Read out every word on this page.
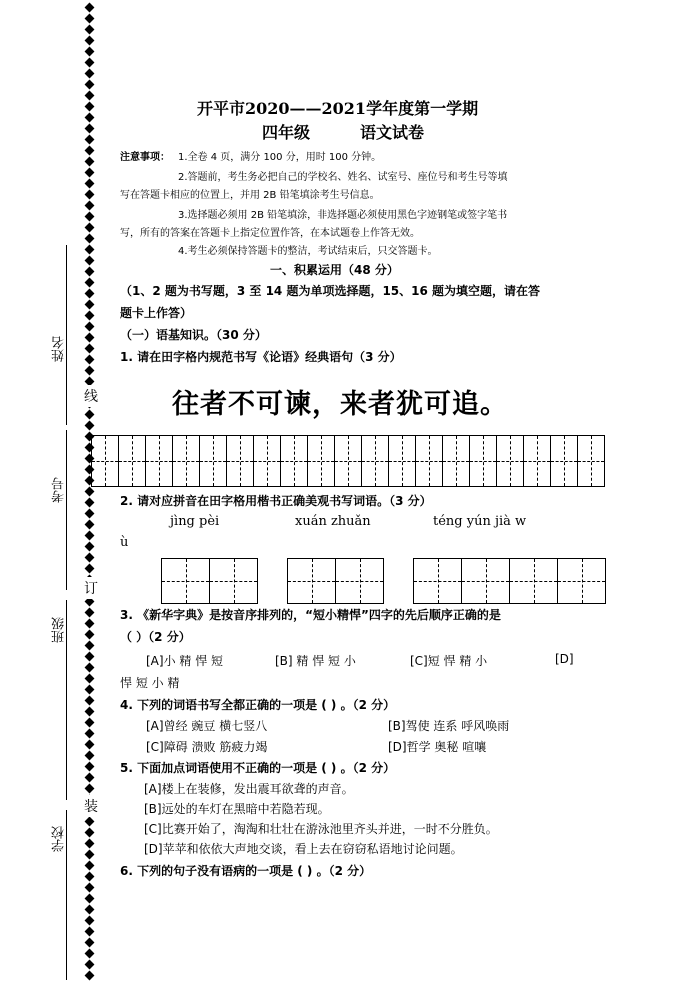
姓名
考号
班级
学校
线
订
装
开平市2020——2021学年度第一学期
四年级	语文试卷
注意事项： 1.全卷 4 页，满分 100 分，用时 100 分钟。
2.答题前，考生务必把自己的学校名、姓名、试室号、座位号和考生号等填
写在答题卡相应的位置上，并用 2B 铅笔填涂考生号信息。
3.选择题必须用 2B 铅笔填涂，非选择题必须使用黑色字迹钢笔或签字笔书
写，所有的答案在答题卡上指定位置作答，在本试题卷上作答无效。
4.考生必须保持答题卡的整洁，考试结束后，只交答题卡。
一、积累运用（48 分）
（1、2 题为书写题，3 至 14 题为单项选择题，15、16 题为填空题，请在答
题卡上作答）
（一）语基知识。（30 分）
1. 请在田字格内规范书写《论语》经典语句（3 分）
往者不可谏，来者犹可追。
2. 请对应拼音在田字格用楷书正确美观书写词语。（3 分）
jìng pèi	xuán zhuǎn	téng yún jià w
ù
3. 《新华字典》是按音序排列的，“短小精悍”四字的先后顺序正确的是
（ ）（2 分）
[A]小 精 悍 短	[B] 精 悍 短 小	[C]短 悍 精 小	[D]
悍 短 小 精
4. 下列的词语书写全都正确的一项是 ( ) 。（2 分）
[A]曾经 豌豆 横七竖八	[B]驾使 连系 呼风唤雨
[C]障碍 溃败 筋疲力竭	[D]哲学 奥秘 喧嚷
5. 下面加点词语使用不正确的一项是 ( ) 。（2 分）
[A]楼上在装修，发出震耳欲聋的声音。
[B]远处的车灯在黑暗中若隐若现。
[C]比赛开始了，淘淘和壮壮在游泳池里齐头并进，一时不分胜负。
[D]苹苹和依依大声地交谈，看上去在窃窃私语地讨论问题。
6. 下列的句子没有语病的一项是 ( ) 。（2 分）
